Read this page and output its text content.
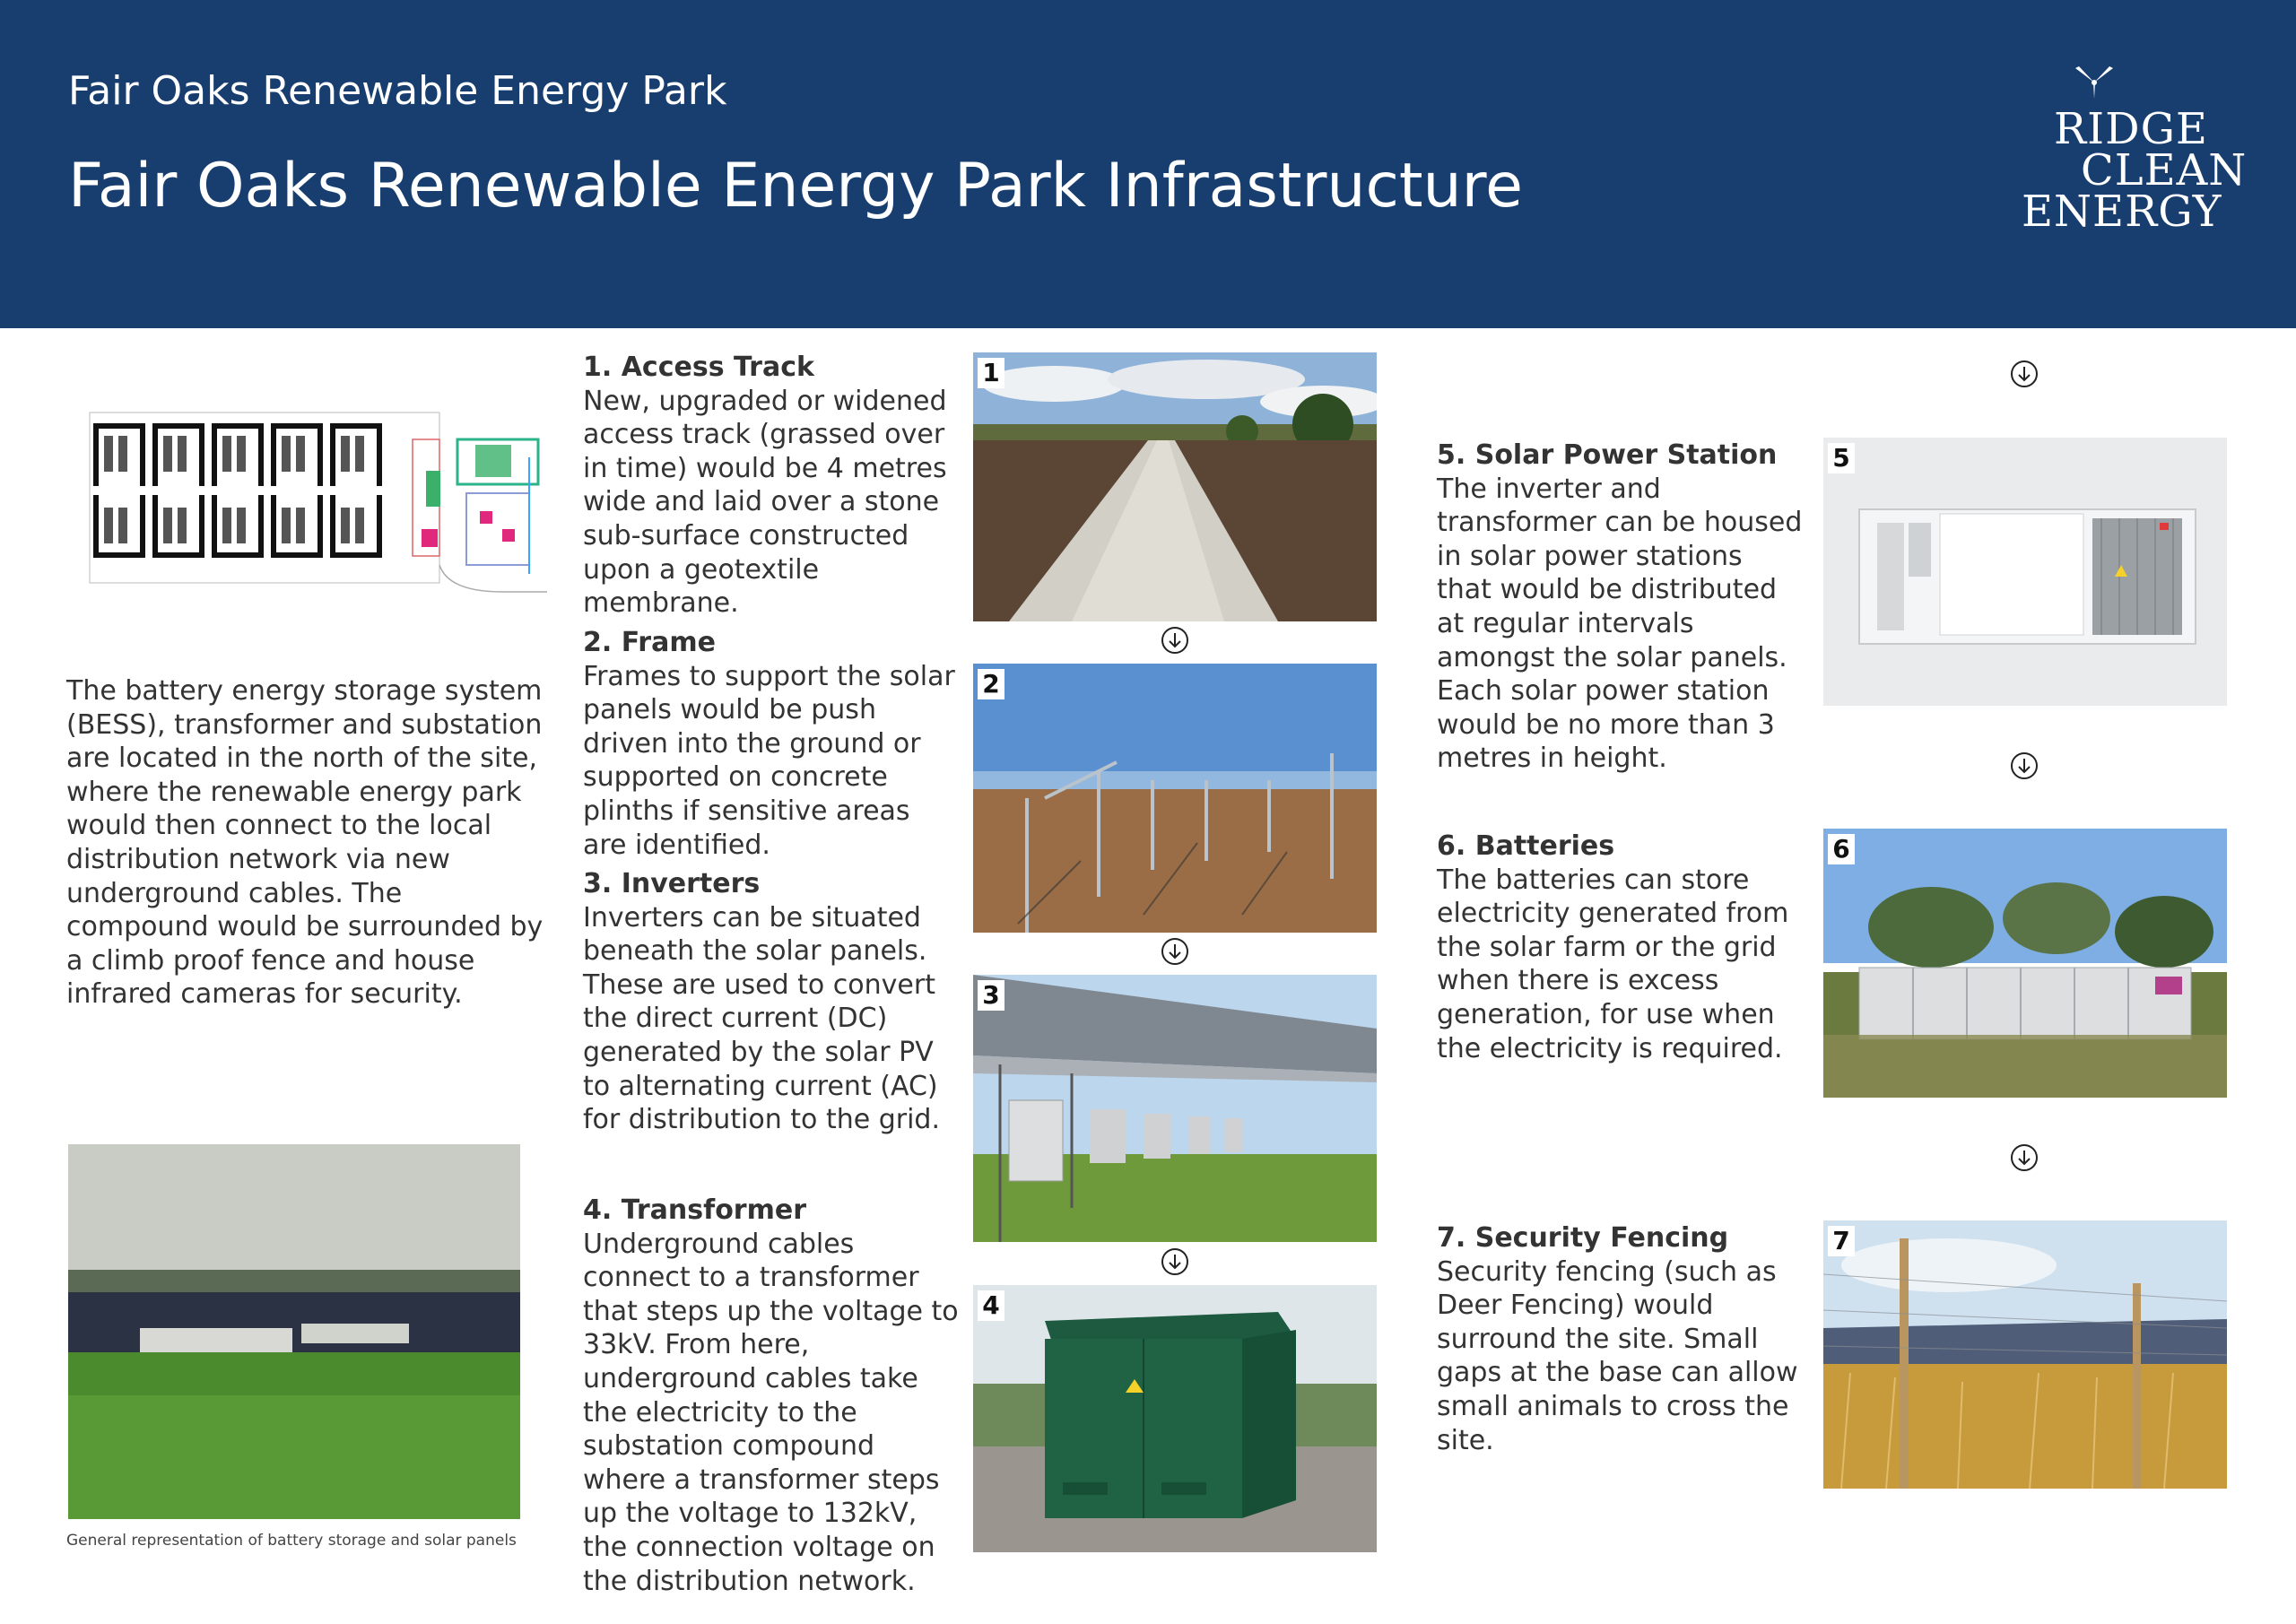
Fair Oaks Renewable Energy Park
Fair Oaks Renewable Energy Park Infrastructure
RIDGE
CLEAN
ENERGY
The battery energy storage system (BESS), transformer and substation are located in the north of the site, where the renewable energy park would then connect to the local distribution network via new underground cables. The compound would be surrounded by a climb proof fence and house infrared cameras for security.
General representation of battery storage and solar panels
1. Access Track
New, upgraded or widened access track (grassed over in time) would be 4 metres wide and laid over a stone sub-surface constructed upon a geotextile membrane.
2. Frame
Frames to support the solar panels would be push driven into the ground or supported on concrete plinths if sensitive areas are identified.
3. Inverters
Inverters can be situated beneath the solar panels. These are used to convert the direct current (DC) generated by the solar PV to alternating current (AC) for distribution to the grid.
4. Transformer
Underground cables connect to a transformer that steps up the voltage to 33kV. From here, underground cables take the electricity to the substation compound where a transformer steps up the voltage to 132kV, the connection voltage on the distribution network.
1
2
3
4
5. Solar Power Station
The inverter and transformer can be housed in solar power stations that would be distributed at regular intervals amongst the solar panels. Each solar power station would be no more than 3 metres in height.
6. Batteries
The batteries can store electricity generated from the solar farm or the grid when there is excess generation, for use when the electricity is required.
7. Security Fencing
Security fencing (such as Deer Fencing) would surround the site. Small gaps at the base can allow small animals to cross the site.
5
6
7
